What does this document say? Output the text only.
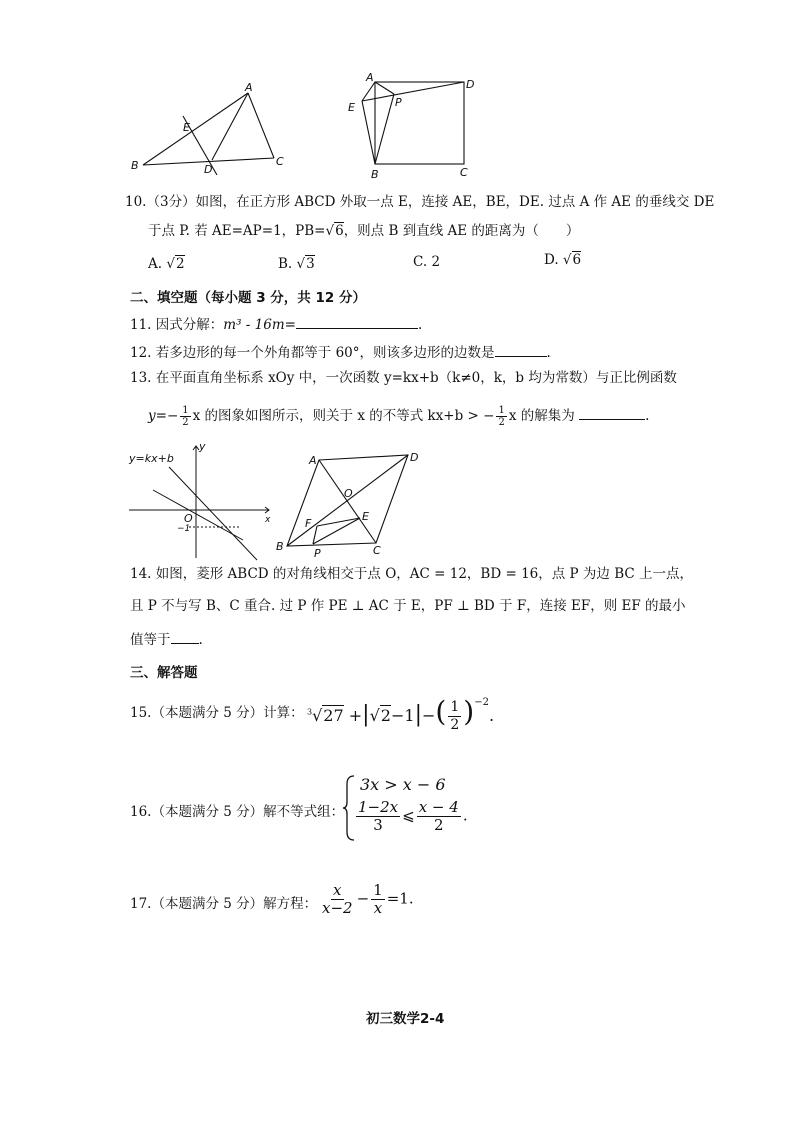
A
E
B	D
C
A
D
E	P
B	C
10.（3分）如图，在正方形 ABCD 外取一点 E，连接 AE，BE，DE. 过点 A 作 AE 的垂线交 DE
于点 P. 若 AE=AP=1，PB=√6，则点 B 到直线 AE 的距离为（　　）
A. √2	B. √3	C. 2	D. √6
二、填空题（每小题 3 分，共 12 分）
11. 因式分解：m³ - 16m=	.
12. 若多边形的每一个外角都等于 60°，则该多边形的边数是	.
13. 在平面直角坐标系 xOy 中，一次函数 y=kx+b（k≠0，k，b 均为常数）与正比例函数
$y=- \frac{1}{2}$ x 的图象如图所示，则关于 x 的不等式 kx+b > − $\frac{1}{2}$ x 的解集为	.
y=kx+b
y
x
O
−1
A	D
O
F
E
B
P	C
14. 如图，菱形 ABCD 的对角线相交于点 O，AC = 12，BD = 16，点 P 为边 BC 上一点，
且 P 不与写 B、C 重合. 过 P 作 PE ⊥ AC 于 E，PF ⊥ BD 于 F，连接 EF，则 EF 的最小
值等于 .
三、解答题
15.（本题满分 5 分）计算： $^3√27 +|√2-1|-( \frac{1}{2} )^{-2}$.
16.（本题满分 5 分）解不等式组：
3x > x − 6
$\frac{1-2x}{3}$ ⩽ $\frac{x - 4}{2}$ .
17.（本题满分 5 分）解方程： $\frac{x}{x-2} - \frac{1}{x} =1$.
初三数学2-4
